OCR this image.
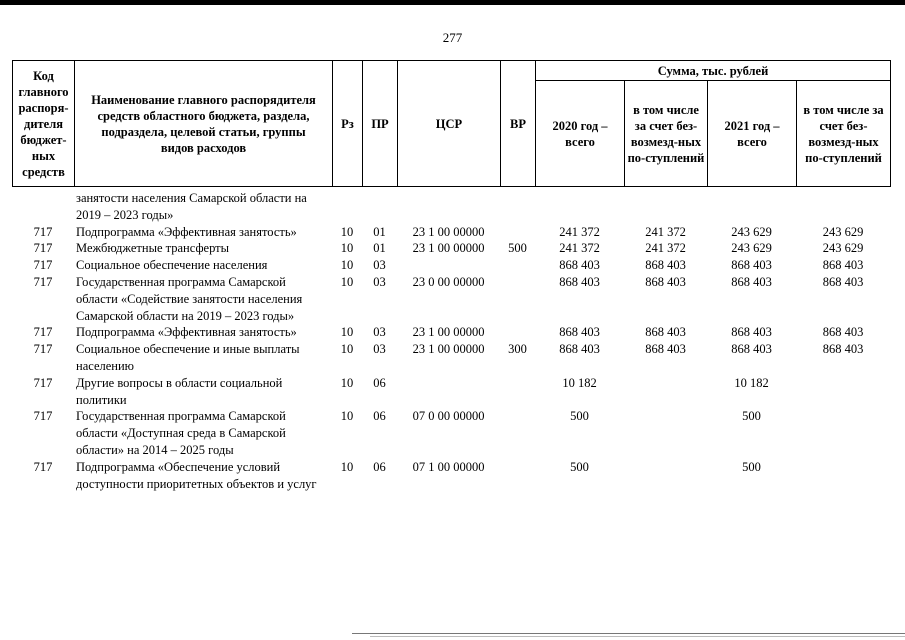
277
Код главного распоря-дителя бюджет-ных средств	Наименование главного распорядителя средств областного бюджета, раздела, подраздела, целевой статьи, группы видов расходов	Рз	ПР	ЦСР	ВР	Сумма, тыс. рублей			
						2020 год – всего	в том числе за счет без-возмезд-ных по-ступлений	2021 год – всего	в том числе за счет без-возмезд-ных по-ступлений
	занятости населения Самарской области на 2019 – 2023 годы»								
717	Подпрограмма «Эффективная занятость»	10	01	23 1 00 00000		241 372	241 372	243 629	243 629
717	Межбюджетные трансферты	10	01	23 1 00 00000	500	241 372	241 372	243 629	243 629
717	Социальное обеспечение населения	10	03			868 403	868 403	868 403	868 403
717	Государственная программа Самарской области «Содействие занятости населения Самарской области на 2019 – 2023 годы»	10	03	23 0 00 00000		868 403	868 403	868 403	868 403
717	Подпрограмма «Эффективная занятость»	10	03	23 1 00 00000		868 403	868 403	868 403	868 403
717	Социальное обеспечение и иные выплаты населению	10	03	23 1 00 00000	300	868 403	868 403	868 403	868 403
717	Другие вопросы в области социальной политики	10	06			10 182		10 182	
717	Государственная программа Самарской области «Доступная среда в Самарской области» на 2014 – 2025 годы	10	06	07 0 00 00000		500		500	
717	Подпрограмма «Обеспечение условий доступности приоритетных объектов и услуг	10	06	07 1 00 00000		500		500	
